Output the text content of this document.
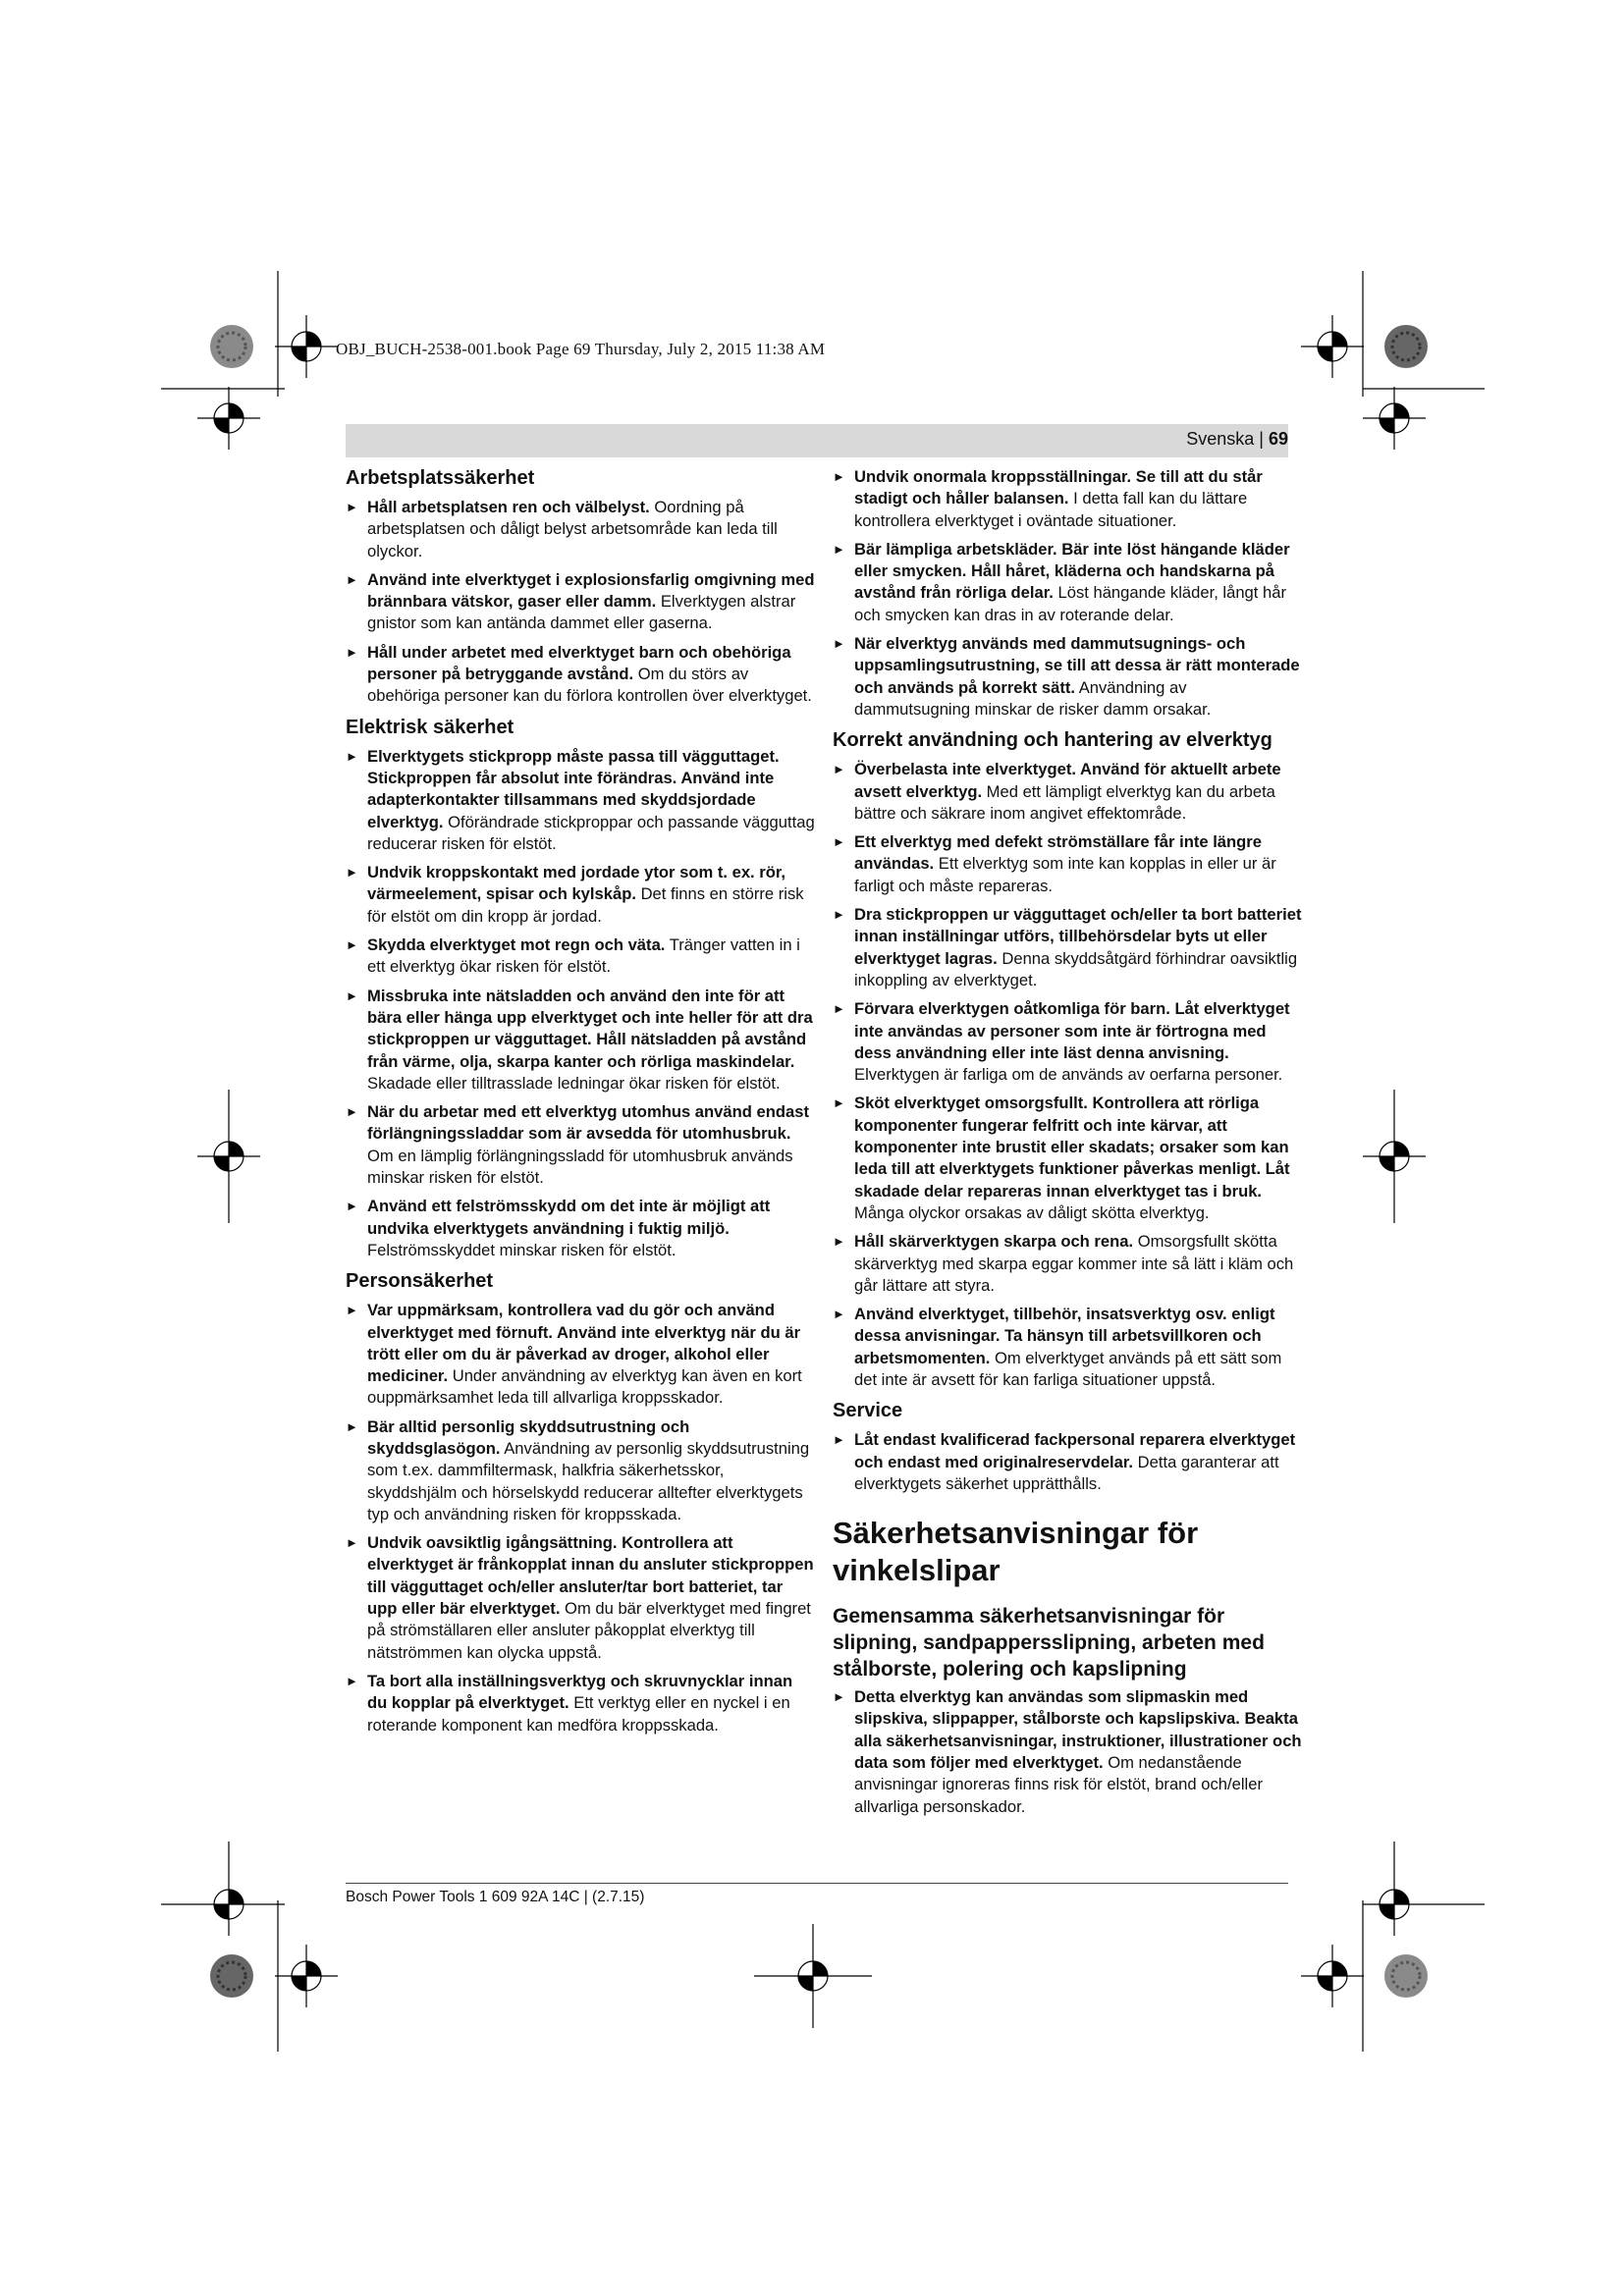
OBJ_BUCH-2538-001.book Page 69 Thursday, July 2, 2015 11:38 AM
Svenska | 69
Arbetsplatssäkerhet
► Håll arbetsplatsen ren och välbelyst. Oordning på arbetsplatsen och dåligt belyst arbetsområde kan leda till olyckor.
► Använd inte elverktyget i explosionsfarlig omgivning med brännbara vätskor, gaser eller damm. Elverktygen alstrar gnistor som kan antända dammet eller gaserna.
► Håll under arbetet med elverktyget barn och obehöriga personer på betryggande avstånd. Om du störs av obehöriga personer kan du förlora kontrollen över elverktyget.
Elektrisk säkerhet
► Elverktygets stickpropp måste passa till vägguttaget. Stickproppen får absolut inte förändras. Använd inte adapterkontakter tillsammans med skyddsjordade elverktyg. Oförändrade stickproppar och passande vägguttag reducerar risken för elstöt.
► Undvik kroppskontakt med jordade ytor som t. ex. rör, värmeelement, spisar och kylskåp. Det finns en större risk för elstöt om din kropp är jordad.
► Skydda elverktyget mot regn och väta. Tränger vatten in i ett elverktyg ökar risken för elstöt.
► Missbruka inte nätsladden och använd den inte för att bära eller hänga upp elverktyget och inte heller för att dra stickproppen ur vägguttaget. Håll nätsladden på avstånd från värme, olja, skarpa kanter och rörliga maskindelar. Skadade eller tilltrasslade ledningar ökar risken för elstöt.
► När du arbetar med ett elverktyg utomhus använd endast förlängningssladdar som är avsedda för utomhusbruk. Om en lämplig förlängningssladd för utomhusbruk används minskar risken för elstöt.
► Använd ett felströmsskydd om det inte är möjligt att undvika elverktygets användning i fuktig miljö. Felströmsskyddet minskar risken för elstöt.
Personsäkerhet
► Var uppmärksam, kontrollera vad du gör och använd elverktyget med förnuft. Använd inte elverktyg när du är trött eller om du är påverkad av droger, alkohol eller mediciner. Under användning av elverktyg kan även en kort ouppmärksamhet leda till allvarliga kroppsskador.
► Bär alltid personlig skyddsutrustning och skyddsglasögon. Användning av personlig skyddsutrustning som t.ex. dammfiltermask, halkfria säkerhetsskor, skyddshjälm och hörselskydd reducerar alltefter elverktygets typ och användning risken för kroppsskada.
► Undvik oavsiktlig igångsättning. Kontrollera att elverktyget är frånkopplat innan du ansluter stickproppen till vägguttaget och/eller ansluter/tar bort batteriet, tar upp eller bär elverktyget. Om du bär elverktyget med fingret på strömställaren eller ansluter påkopplat elverktyg till nätströmmen kan olycka uppstå.
► Ta bort alla inställningsverktyg och skruvnycklar innan du kopplar på elverktyget. Ett verktyg eller en nyckel i en roterande komponent kan medföra kroppsskada.
► Undvik onormala kroppsställningar. Se till att du står stadigt och håller balansen. I detta fall kan du lättare kontrollera elverktyget i oväntade situationer.
► Bär lämpliga arbetskläder. Bär inte löst hängande kläder eller smycken. Håll håret, kläderna och handskarna på avstånd från rörliga delar. Löst hängande kläder, långt hår och smycken kan dras in av roterande delar.
► När elverktyg används med dammutsugnings- och uppsamlingsutrustning, se till att dessa är rätt monterade och används på korrekt sätt. Användning av dammutsugning minskar de risker damm orsakar.
Korrekt användning och hantering av elverktyg
► Överbelasta inte elverktyget. Använd för aktuellt arbete avsett elverktyg. Med ett lämpligt elverktyg kan du arbeta bättre och säkrare inom angivet effektområde.
► Ett elverktyg med defekt strömställare får inte längre användas. Ett elverktyg som inte kan kopplas in eller ur är farligt och måste repareras.
► Dra stickproppen ur vägguttaget och/eller ta bort batteriet innan inställningar utförs, tillbehörsdelar byts ut eller elverktyget lagras. Denna skyddsåtgärd förhindrar oavsiktlig inkoppling av elverktyget.
► Förvara elverktygen oåtkomliga för barn. Låt elverktyget inte användas av personer som inte är förtrogna med dess användning eller inte läst denna anvisning. Elverktygen är farliga om de används av oerfarna personer.
► Sköt elverktyget omsorgsfullt. Kontrollera att rörliga komponenter fungerar felfritt och inte kärvar, att komponenter inte brustit eller skadats; orsaker som kan leda till att elverktygets funktioner påverkas menligt. Låt skadade delar repareras innan elverktyget tas i bruk. Många olyckor orsakas av dåligt skötta elverktyg.
► Håll skärverktygen skarpa och rena. Omsorgsfullt skötta skärverktyg med skarpa eggar kommer inte så lätt i kläm och går lättare att styra.
► Använd elverktyget, tillbehör, insatsverktyg osv. enligt dessa anvisningar. Ta hänsyn till arbetsvillkoren och arbetsmomenten. Om elverktyget används på ett sätt som det inte är avsett för kan farliga situationer uppstå.
Service
► Låt endast kvalificerad fackpersonal reparera elverktyget och endast med originalreservdelar. Detta garanterar att elverktygets säkerhet upprätthålls.
Säkerhetsanvisningar för vinkelslipar
Gemensamma säkerhetsanvisningar för slipning, sandpappersslipning, arbeten med stålborste, polering och kapslipning
► Detta elverktyg kan användas som slipmaskin med slipskiva, slippapper, stålborste och kapslipskiva. Beakta alla säkerhetsanvisningar, instruktioner, illustrationer och data som följer med elverktyget. Om nedanstående anvisningar ignoreras finns risk för elstöt, brand och/eller allvarliga personskador.
Bosch Power Tools 1 609 92A 14C | (2.7.15)
